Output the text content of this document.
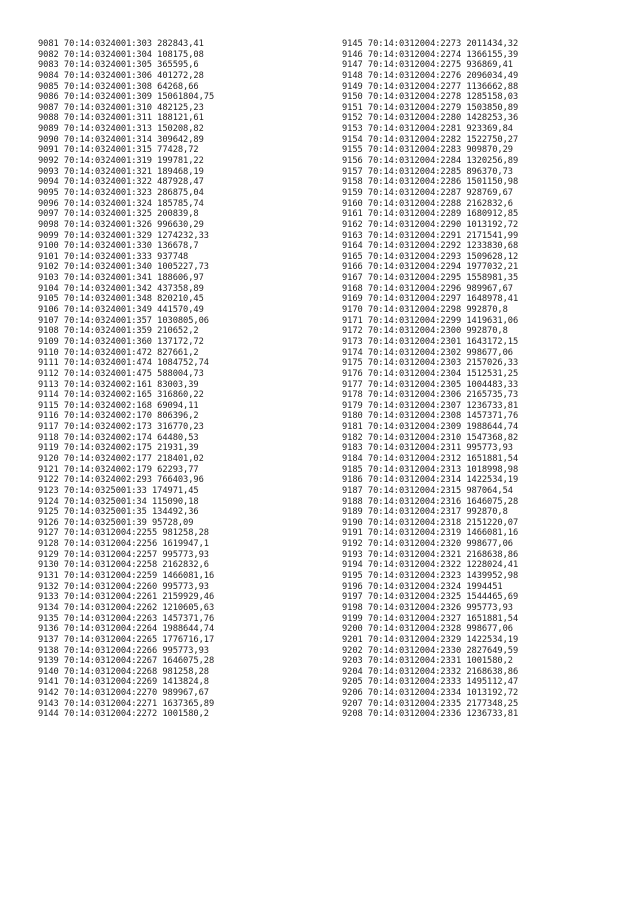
9081 70:14:0324001:303 282843,41
9082 70:14:0324001:304 108175,08
9083 70:14:0324001:305 365595,6
9084 70:14:0324001:306 401272,28
9085 70:14:0324001:308 64268,66
9086 70:14:0324001:309 15061804,75
9087 70:14:0324001:310 482125,23
9088 70:14:0324001:311 188121,61
9089 70:14:0324001:313 150208,82
9090 70:14:0324001:314 309642,89
9091 70:14:0324001:315 77428,72
9092 70:14:0324001:319 199781,22
9093 70:14:0324001:321 189468,19
9094 70:14:0324001:322 487928,47
9095 70:14:0324001:323 286875,04
9096 70:14:0324001:324 185785,74
9097 70:14:0324001:325 200839,8
9098 70:14:0324001:326 996630,29
9099 70:14:0324001:329 1274232,33
9100 70:14:0324001:330 136678,7
9101 70:14:0324001:333 937748
9102 70:14:0324001:340 1005227,73
9103 70:14:0324001:341 188606,97
9104 70:14:0324001:342 437358,89
9105 70:14:0324001:348 820210,45
9106 70:14:0324001:349 441570,49
9107 70:14:0324001:357 1030805,06
9108 70:14:0324001:359 210652,2
9109 70:14:0324001:360 137172,72
9110 70:14:0324001:472 827661,2
9111 70:14:0324001:474 1084752,74
9112 70:14:0324001:475 588004,73
9113 70:14:0324002:161 83003,39
9114 70:14:0324002:165 316860,22
9115 70:14:0324002:168 69094,11
9116 70:14:0324002:170 806396,2
9117 70:14:0324002:173 316770,23
9118 70:14:0324002:174 64480,53
9119 70:14:0324002:175 21931,39
9120 70:14:0324002:177 218401,02
9121 70:14:0324002:179 62293,77
9122 70:14:0324002:293 766403,96
9123 70:14:0325001:33 174971,45
9124 70:14:0325001:34 115090,18
9125 70:14:0325001:35 134492,36
9126 70:14:0325001:39 95728,09
9127 70:14:0312004:2255 981258,28
9128 70:14:0312004:2256 1619947,1
9129 70:14:0312004:2257 995773,93
9130 70:14:0312004:2258 2162832,6
9131 70:14:0312004:2259 1466081,16
9132 70:14:0312004:2260 995773,93
9133 70:14:0312004:2261 2159929,46
9134 70:14:0312004:2262 1210605,63
9135 70:14:0312004:2263 1457371,76
9136 70:14:0312004:2264 1988644,74
9137 70:14:0312004:2265 1776716,17
9138 70:14:0312004:2266 995773,93
9139 70:14:0312004:2267 1646075,28
9140 70:14:0312004:2268 981258,28
9141 70:14:0312004:2269 1413824,8
9142 70:14:0312004:2270 989967,67
9143 70:14:0312004:2271 1637365,89
9144 70:14:0312004:2272 1001580,2
9145 70:14:0312004:2273 2011434,32
9146 70:14:0312004:2274 1366155,39
9147 70:14:0312004:2275 936869,41
9148 70:14:0312004:2276 2096034,49
9149 70:14:0312004:2277 1136662,88
9150 70:14:0312004:2278 1285158,03
9151 70:14:0312004:2279 1503850,89
9152 70:14:0312004:2280 1428253,36
9153 70:14:0312004:2281 923369,84
9154 70:14:0312004:2282 1522750,27
9155 70:14:0312004:2283 909870,29
9156 70:14:0312004:2284 1320256,89
9157 70:14:0312004:2285 896370,73
9158 70:14:0312004:2286 1501150,98
9159 70:14:0312004:2287 928769,67
9160 70:14:0312004:2288 2162832,6
9161 70:14:0312004:2289 1680912,85
9162 70:14:0312004:2290 1013192,72
9163 70:14:0312004:2291 2171541,99
9164 70:14:0312004:2292 1233830,68
9165 70:14:0312004:2293 1509628,12
9166 70:14:0312004:2294 1977032,21
9167 70:14:0312004:2295 1558981,35
9168 70:14:0312004:2296 989967,67
9169 70:14:0312004:2297 1648978,41
9170 70:14:0312004:2298 992870,8
9171 70:14:0312004:2299 1419631,06
9172 70:14:0312004:2300 992870,8
9173 70:14:0312004:2301 1643172,15
9174 70:14:0312004:2302 998677,06
9175 70:14:0312004:2303 2157026,33
9176 70:14:0312004:2304 1512531,25
9177 70:14:0312004:2305 1004483,33
9178 70:14:0312004:2306 2165735,73
9179 70:14:0312004:2307 1236733,81
9180 70:14:0312004:2308 1457371,76
9181 70:14:0312004:2309 1988644,74
9182 70:14:0312004:2310 1547368,82
9183 70:14:0312004:2311 995773,93
9184 70:14:0312004:2312 1651881,54
9185 70:14:0312004:2313 1018998,98
9186 70:14:0312004:2314 1422534,19
9187 70:14:0312004:2315 987064,54
9188 70:14:0312004:2316 1646075,28
9189 70:14:0312004:2317 992870,8
9190 70:14:0312004:2318 2151220,07
9191 70:14:0312004:2319 1466081,16
9192 70:14:0312004:2320 998677,06
9193 70:14:0312004:2321 2168638,86
9194 70:14:0312004:2322 1228024,41
9195 70:14:0312004:2323 1439952,98
9196 70:14:0312004:2324 1994451
9197 70:14:0312004:2325 1544465,69
9198 70:14:0312004:2326 995773,93
9199 70:14:0312004:2327 1651881,54
9200 70:14:0312004:2328 998677,06
9201 70:14:0312004:2329 1422534,19
9202 70:14:0312004:2330 2827649,59
9203 70:14:0312004:2331 1001580,2
9204 70:14:0312004:2332 2168638,86
9205 70:14:0312004:2333 1495112,47
9206 70:14:0312004:2334 1013192,72
9207 70:14:0312004:2335 2177348,25
9208 70:14:0312004:2336 1236733,81
